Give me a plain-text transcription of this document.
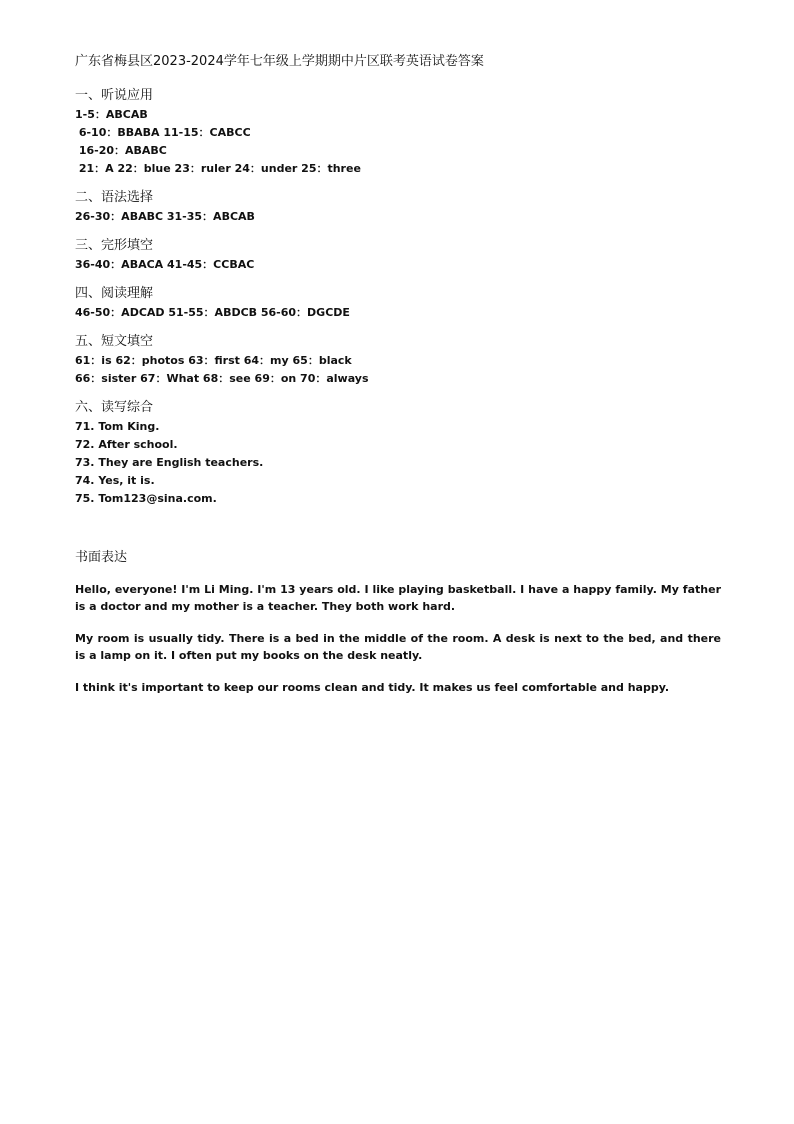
广东省梅县区2023-2024学年七年级上学期期中片区联考英语试卷答案
一、听说应用
1-5：ABCAB
6-10：BBABA 11-15：CABCC
16-20：ABABC
21：A 22：blue 23：ruler 24：under 25：three
二、语法选择
26-30：ABABC 31-35：ABCAB
三、完形填空
36-40：ABACA 41-45：CCBAC
四、阅读理解
46-50：ADCAD 51-55：ABDCB 56-60：DGCDE
五、短文填空
61：is 62：photos 63：first 64：my 65：black
66：sister 67：What 68：see 69：on 70：always
六、读写综合
71. Tom King.
72. After school.
73. They are English teachers.
74. Yes, it is.
75. Tom123@sina.com.
书面表达

Hello, everyone! I'm Li Ming. I'm 13 years old. I like playing basketball. I have a happy family. My father is a doctor and my mother is a teacher. They both work hard.

My room is usually tidy. There is a bed in the middle of the room. A desk is next to the bed, and there is a lamp on it. I often put my books on the desk neatly.

I think it's important to keep our rooms clean and tidy. It makes us feel comfortable and happy.
